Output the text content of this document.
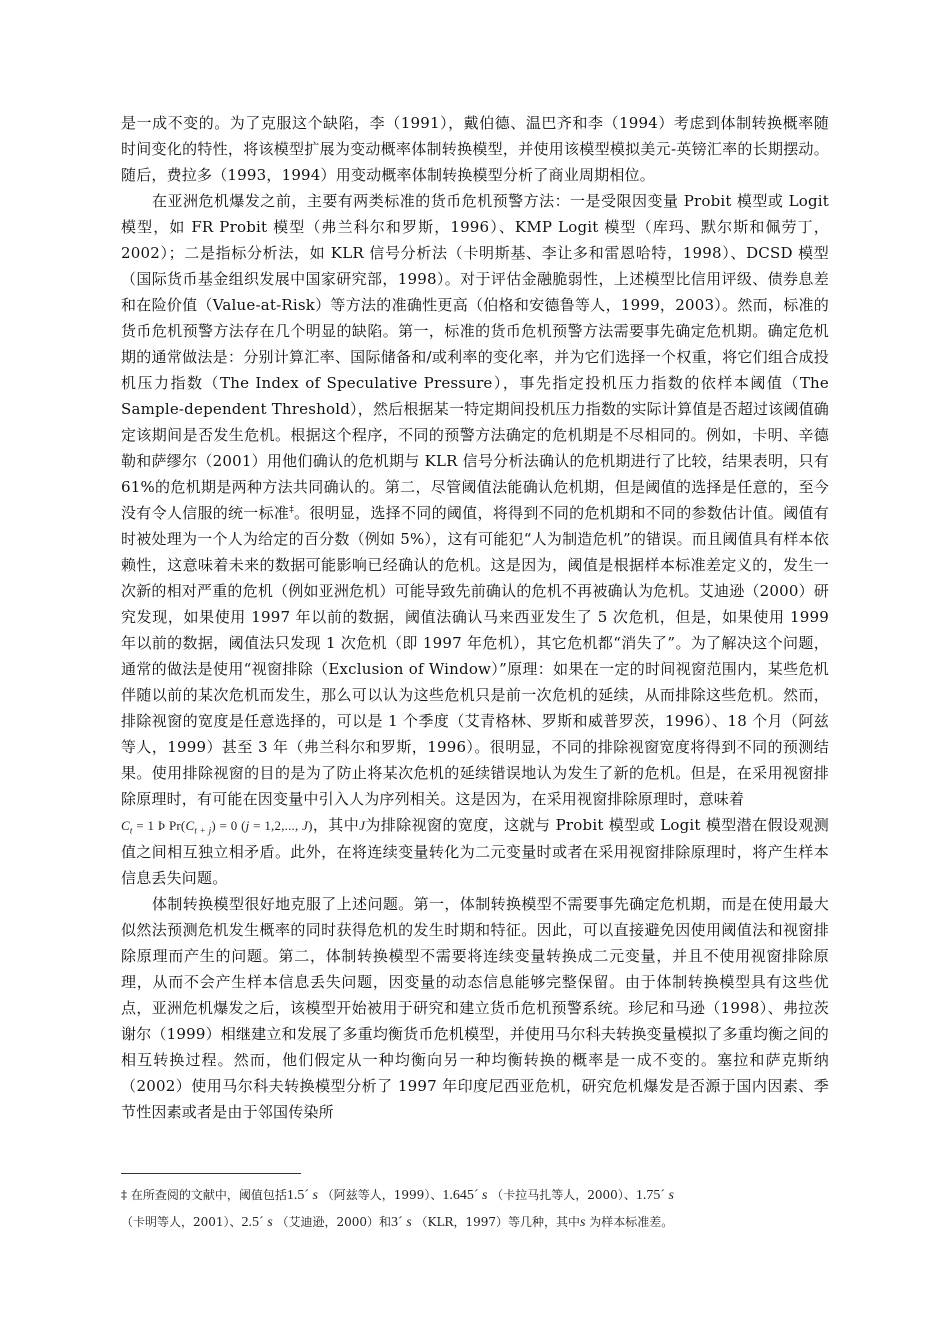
是一成不变的。为了克服这个缺陷，李（1991），戴伯德、温巴齐和李（1994）考虑到体制转换概率随时间变化的特性，将该模型扩展为变动概率体制转换模型，并使用该模型模拟美元-英镑汇率的长期摆动。随后，费拉多（1993，1994）用变动概率体制转换模型分析了商业周期相位。

在亚洲危机爆发之前，主要有两类标准的货币危机预警方法：一是受限因变量 Probit 模型或 Logit 模型，如 FR Probit 模型（弗兰科尔和罗斯，1996）、KMP Logit 模型（库玛、默尔斯和佩劳丁，2002）；二是指标分析法，如 KLR 信号分析法（卡明斯基、李让多和雷恩哈特，1998）、DCSD 模型（国际货币基金组织发展中国家研究部，1998）。对于评估金融脆弱性，上述模型比信用评级、债券息差和在险价值（Value-at-Risk）等方法的准确性更高（伯格和安德鲁等人，1999，2003）。然而，标准的货币危机预警方法存在几个明显的缺陷。第一，标准的货币危机预警方法需要事先确定危机期。确定危机期的通常做法是：分别计算汇率、国际储备和/或利率的变化率，并为它们选择一个权重，将它们组合成投机压力指数（The Index of Speculative Pressure），事先指定投机压力指数的依样本阈值（The Sample-dependent Threshold），然后根据某一特定期间投机压力指数的实际计算值是否超过该阈值确定该期间是否发生危机。根据这个程序，不同的预警方法确定的危机期是不尽相同的。例如，卡明、辛德勒和萨缪尔（2001）用他们确认的危机期与 KLR 信号分析法确认的危机期进行了比较，结果表明，只有 61%的危机期是两种方法共同确认的。第二，尽管阈值法能确认危机期，但是阈值的选择是任意的，至今没有令人信服的统一标准‡。很明显，选择不同的阈值，将得到不同的危机期和不同的参数估计值。阈值有时被处理为一个人为给定的百分数（例如 5%），这有可能犯“人为制造危机”的错误。而且阈值具有样本依赖性，这意味着未来的数据可能影响已经确认的危机。这是因为，阈值是根据样本标准差定义的，发生一次新的相对严重的危机（例如亚洲危机）可能导致先前确认的危机不再被确认为危机。艾迪逊（2000）研究发现，如果使用 1997 年以前的数据，阈值法确认马来西亚发生了 5 次危机，但是，如果使用 1999 年以前的数据，阈值法只发现 1 次危机（即 1997 年危机），其它危机都“消失了”。为了解决这个问题，通常的做法是使用“视窗排除（Exclusion of Window）”原理：如果在一定的时间视窗范围内，某些危机伴随以前的某次危机而发生，那么可以认为这些危机只是前一次危机的延续，从而排除这些危机。然而，排除视窗的宽度是任意选择的，可以是 1 个季度（艾青格林、罗斯和威普罗茨，1996）、18 个月（阿兹等人，1999）甚至 3 年（弗兰科尔和罗斯，1996）。很明显，不同的排除视窗宽度将得到不同的预测结果。使用排除视窗的目的是为了防止将某次危机的延续错误地认为发生了新的危机。但是，在采用视窗排除原理时，有可能在因变量中引入人为序列相关。这是因为，在采用视窗排除原理时，意味着
$C_t = 1$ Þ $Pr(C_{t + j}) = 0$ (j = 1,2,..., J)，其中J为排除视窗的宽度，这就与 Probit 模型或 Logit 模型潜在假设观测值之间相互独立相矛盾。此外，在将连续变量转化为二元变量时或者在采用视窗排除原理时，将产生样本信息丢失问题。

体制转换模型很好地克服了上述问题。第一，体制转换模型不需要事先确定危机期，而是在使用最大似然法预测危机发生概率的同时获得危机的发生时期和特征。因此，可以直接避免因使用阈值法和视窗排除原理而产生的问题。第二，体制转换模型不需要将连续变量转换成二元变量，并且不使用视窗排除原理，从而不会产生样本信息丢失问题，因变量的动态信息能够完整保留。由于体制转换模型具有这些优点，亚洲危机爆发之后，该模型开始被用于研究和建立货币危机预警系统。珍尼和马逊（1998）、弗拉茨谢尔（1999）相继建立和发展了多重均衡货币危机模型，并使用马尔科夫转换变量模拟了多重均衡之间的相互转换过程。然而，他们假定从一种均衡向另一种均衡转换的概率是一成不变的。塞拉和萨克斯纳（2002）使用马尔科夫转换模型分析了 1997 年印度尼西亚危机，研究危机爆发是否源于国内因素、季节性因素或者是由于邻国传染所

‡ 在所查阅的文献中，阈值包括1.5´ s （阿兹等人，1999）、1.645´ s （卡拉马扎等人，2000）、1.75´ s
（卡明等人，2001）、2.5´ s （艾迪逊，2000）和3´ s （KLR，1997）等几种，其中s 为样本标准差。
